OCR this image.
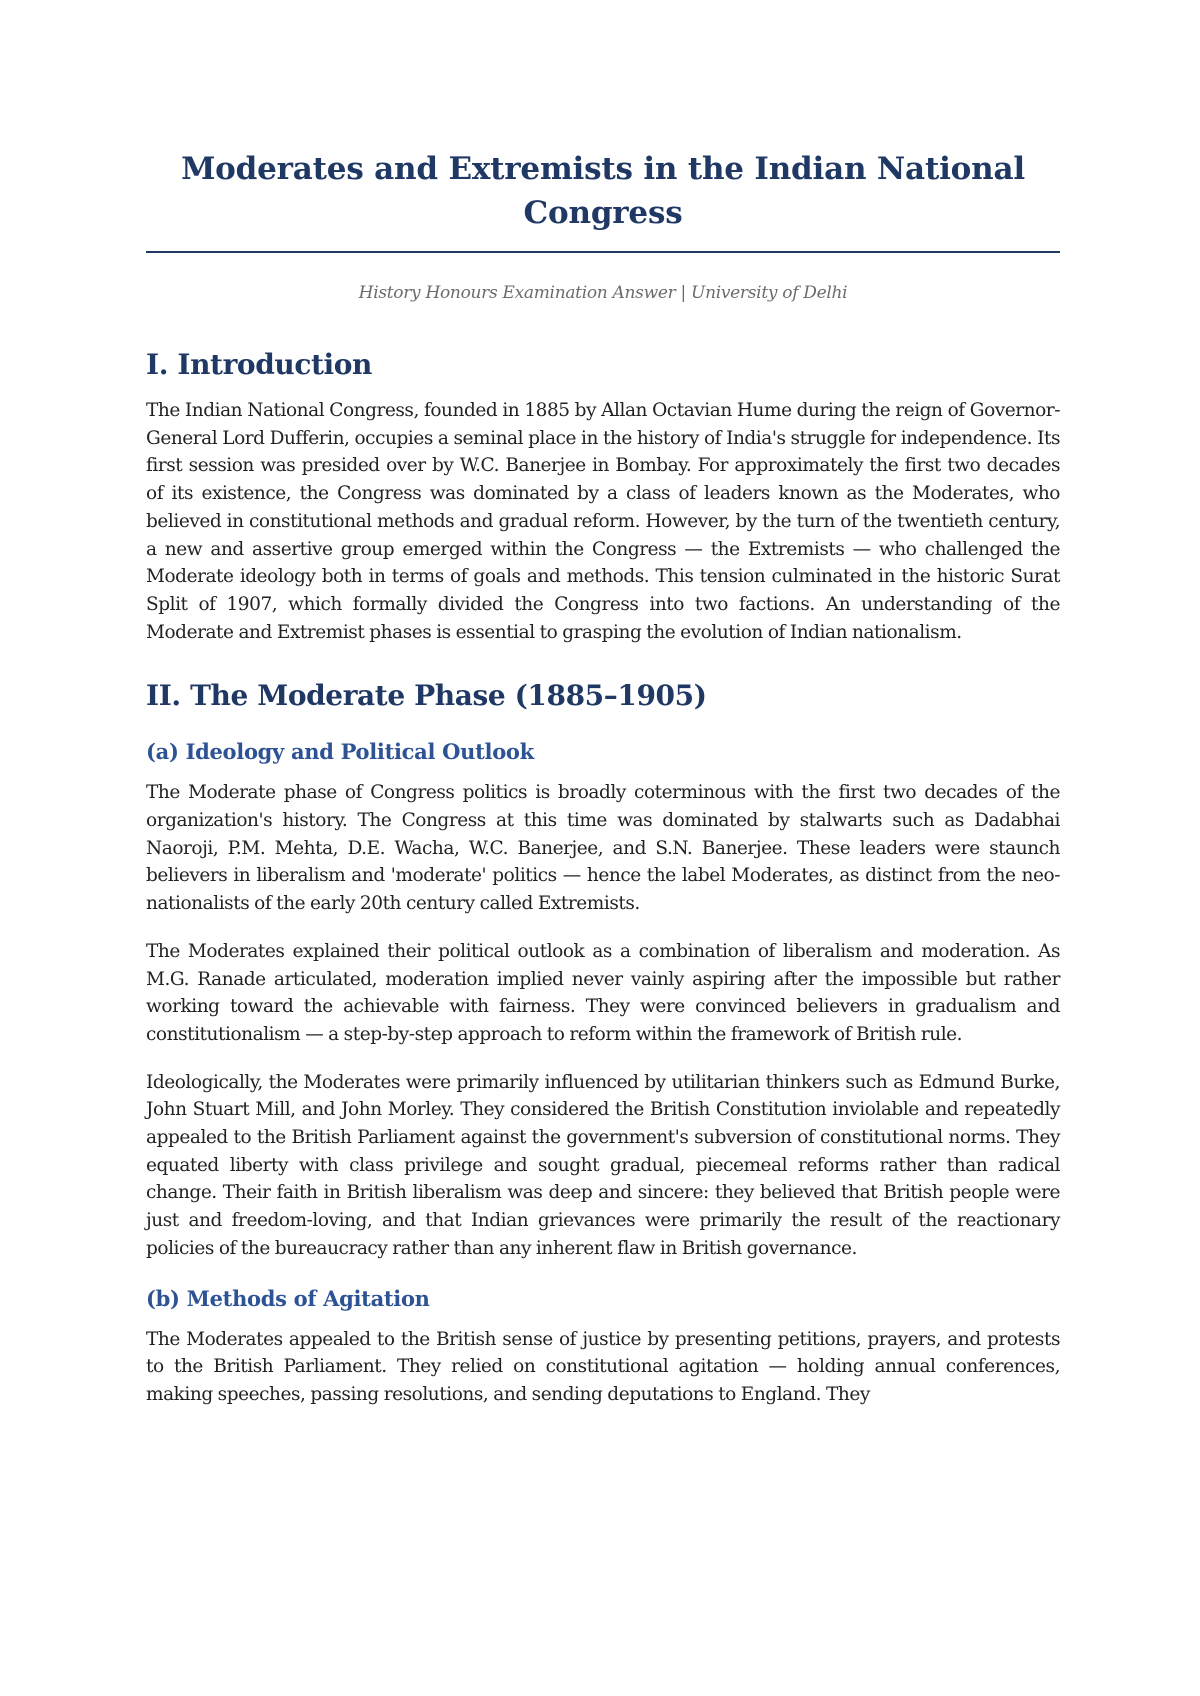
Moderates and Extremists in the Indian National Congress
History Honours Examination Answer | University of Delhi
I. Introduction

The Indian National Congress, founded in 1885 by Allan Octavian Hume during the reign of Governor-General Lord Dufferin, occupies a seminal place in the history of India's struggle for independence. Its first session was presided over by W.C. Banerjee in Bombay. For approximately the first two decades of its existence, the Congress was dominated by a class of leaders known as the Moderates, who believed in constitutional methods and gradual reform. However, by the turn of the twentieth century, a new and assertive group emerged within the Congress — the Extremists — who challenged the Moderate ideology both in terms of goals and methods. This tension culminated in the historic Surat Split of 1907, which formally divided the Congress into two factions. An understanding of the Moderate and Extremist phases is essential to grasping the evolution of Indian nationalism.

II. The Moderate Phase (1885–1905)
(a) Ideology and Political Outlook

The Moderate phase of Congress politics is broadly coterminous with the first two decades of the organization's history. The Congress at this time was dominated by stalwarts such as Dadabhai Naoroji, P.M. Mehta, D.E. Wacha, W.C. Banerjee, and S.N. Banerjee. These leaders were staunch believers in liberalism and 'moderate' politics — hence the label Moderates, as distinct from the neo-nationalists of the early 20th century called Extremists.

The Moderates explained their political outlook as a combination of liberalism and moderation. As M.G. Ranade articulated, moderation implied never vainly aspiring after the impossible but rather working toward the achievable with fairness. They were convinced believers in gradualism and constitutionalism — a step-by-step approach to reform within the framework of British rule.

Ideologically, the Moderates were primarily influenced by utilitarian thinkers such as Edmund Burke, John Stuart Mill, and John Morley. They considered the British Constitution inviolable and repeatedly appealed to the British Parliament against the government's subversion of constitutional norms. They equated liberty with class privilege and sought gradual, piecemeal reforms rather than radical change. Their faith in British liberalism was deep and sincere: they believed that British people were just and freedom-loving, and that Indian grievances were primarily the result of the reactionary policies of the bureaucracy rather than any inherent flaw in British governance.

(b) Methods of Agitation

The Moderates appealed to the British sense of justice by presenting petitions, prayers, and protests to the British Parliament. They relied on constitutional agitation — holding annual conferences, making speeches, passing resolutions, and sending deputations to England. They
